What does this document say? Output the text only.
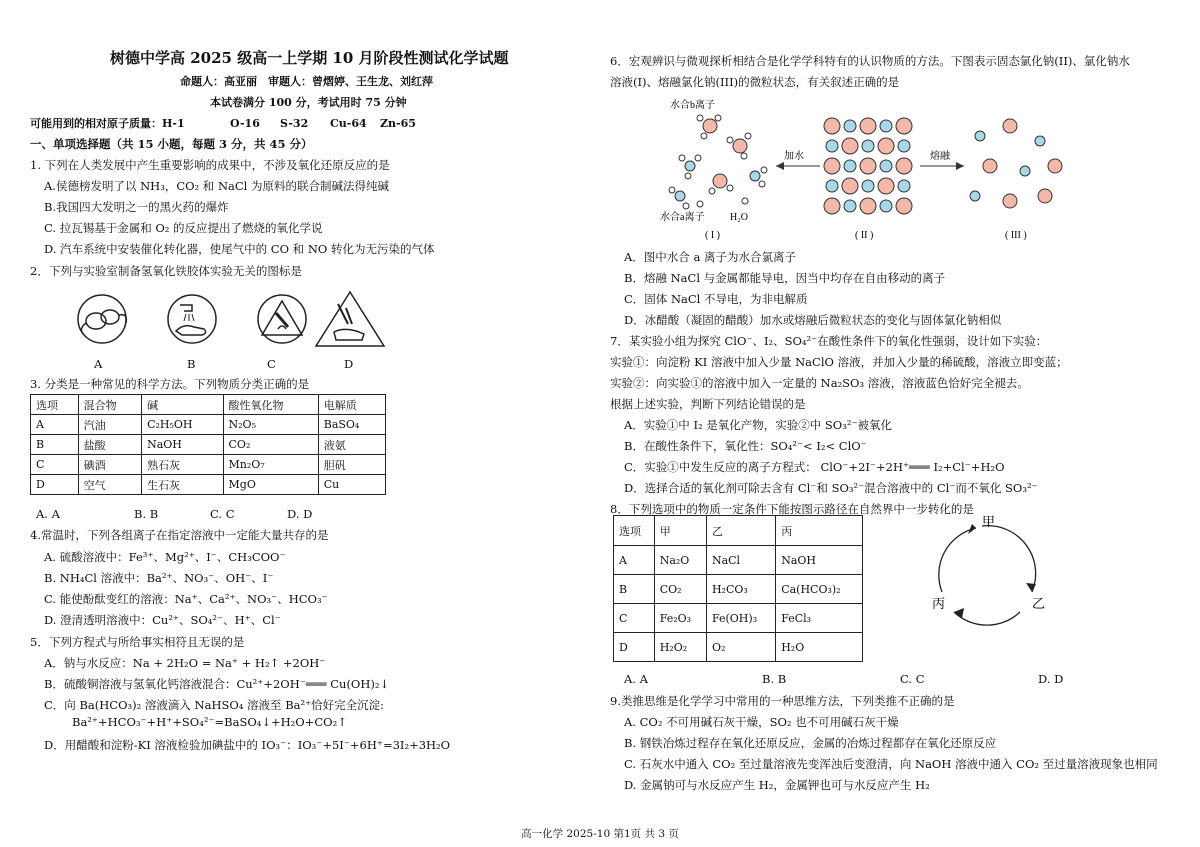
树德中学高 2025 级高一上学期 10 月阶段性测试化学试题
命题人：高亚丽　审题人：曾熠婷、王生龙、刘红萍
本试卷满分 100 分，考试用时 75 分钟
可能用到的相对原子质量：H-1	O-16 S-32 Cu-64 Zn-65
一、单项选择题（共 15 小题，每题 3 分，共 45 分）
1. 下列在人类发展中产生重要影响的成果中，不涉及氧化还原反应的是
A.侯德榜发明了以 NH₃，CO₂ 和 NaCl 为原料的联合制碱法得纯碱
B.我国四大发明之一的黑火药的爆炸
C. 拉瓦锡基于金属和 O₂ 的反应提出了燃烧的氧化学说
D. 汽车系统中安装催化转化器，使尾气中的 CO 和 NO 转化为无污染的气体
2．下列与实验室制备氢氧化铁胶体实验无关的图标是
A	B	C	D
3. 分类是一种常见的科学方法。下列物质分类正确的是
选项	混合物	碱	酸性氧化物	电解质
A	汽油	C₂H₅OH	N₂O₅	BaSO₄
B	盐酸	NaOH	CO₂	液氨
C	碘酒	熟石灰	Mn₂O₇	胆矾
D	空气	生石灰	MgO	Cu
A. A	B. B	C. C	D. D
4.常温时，下列各组离子在指定溶液中一定能大量共存的是
A. 硫酸溶液中：Fe³⁺、Mg²⁺、I⁻、CH₃COO⁻
B. NH₄Cl 溶液中：Ba²⁺、NO₃⁻、OH⁻、I⁻
C. 能使酚酞变红的溶液：Na⁺、Ca²⁺、NO₃⁻、HCO₃⁻
D. 澄清透明溶液中：Cu²⁺、SO₄²⁻、H⁺、Cl⁻
5．下列方程式与所给事实相符且无误的是
A．钠与水反应：Na + 2H₂O = Na⁺ + H₂↑ +2OH⁻
B．硫酸铜溶液与氢氧化钙溶液混合：Cu²⁺+2OH⁻═══ Cu(OH)₂↓
C．向 Ba(HCO₃)₂ 溶液滴入 NaHSO₄ 溶液至 Ba²⁺恰好完全沉淀:
Ba²⁺+HCO₃⁻+H⁺+SO₄²⁻=BaSO₄↓+H₂O+CO₂↑
D．用醋酸和淀粉-KI 溶液检验加碘盐中的 IO₃⁻：IO₃⁻+5I⁻+6H⁺=3I₂+3H₂O
6．宏观辨识与微观探析相结合是化学学科特有的认识物质的方法。下图表示固态氯化钠(II)、氯化钠水
溶液(I)、熔融氯化钠(III)的微粒状态，有关叙述正确的是
水合b离子
水合a离子	H₂O
加水	熔融
( I )	( II )	( III )
A．图中水合 a 离子为水合氯离子
B．熔融 NaCl 与金属都能导电，因当中均存在自由移动的离子
C．固体 NaCl 不导电，为非电解质
D．冰醋酸（凝固的醋酸）加水或熔融后微粒状态的变化与固体氯化钠相似
7．某实验小组为探究 ClO⁻、I₂、SO₄²⁻在酸性条件下的氧化性强弱，设计如下实验：
实验①：向淀粉 KI 溶液中加入少量 NaClO 溶液，并加入少量的稀硫酸，溶液立即变蓝；
实验②：向实验①的溶液中加入一定量的 Na₂SO₃ 溶液，溶液蓝色恰好完全褪去。
根据上述实验，判断下列结论错误的是
A．实验①中 I₂ 是氧化产物，实验②中 SO₃²⁻被氧化
B．在酸性条件下，氧化性：SO₄²⁻< I₂< ClO⁻
C．实验①中发生反应的离子方程式： ClO⁻+2I⁻+2H⁺═══ I₂+Cl⁻+H₂O
D．选择合适的氧化剂可除去含有 Cl⁻和 SO₃²⁻混合溶液中的 Cl⁻而不氧化 SO₃²⁻
8．下列选项中的物质一定条件下能按图示路径在自然界中一步转化的是
选项	甲	乙	丙
A	Na₂O	NaCl	NaOH
B	CO₂	H₂CO₃	Ca(HCO₃)₂
C	Fe₂O₃	Fe(OH)₃	FeCl₃
D	H₂O₂	O₂	H₂O
甲
乙
丙
A. A	B. B	C. C	D. D
9.类推思维是化学学习中常用的一种思维方法，下列类推不正确的是
A. CO₂ 不可用碱石灰干燥，SO₂ 也不可用碱石灰干燥
B. 钢铁冶炼过程存在氧化还原反应，金属的冶炼过程都存在氧化还原反应
C. 石灰水中通入 CO₂ 至过量溶液先变浑浊后变澄清，向 NaOH 溶液中通入 CO₂ 至过量溶液现象也相同
D. 金属钠可与水反应产生 H₂，金属钾也可与水反应产生 H₂
高一化学 2025-10 第1页 共 3 页
